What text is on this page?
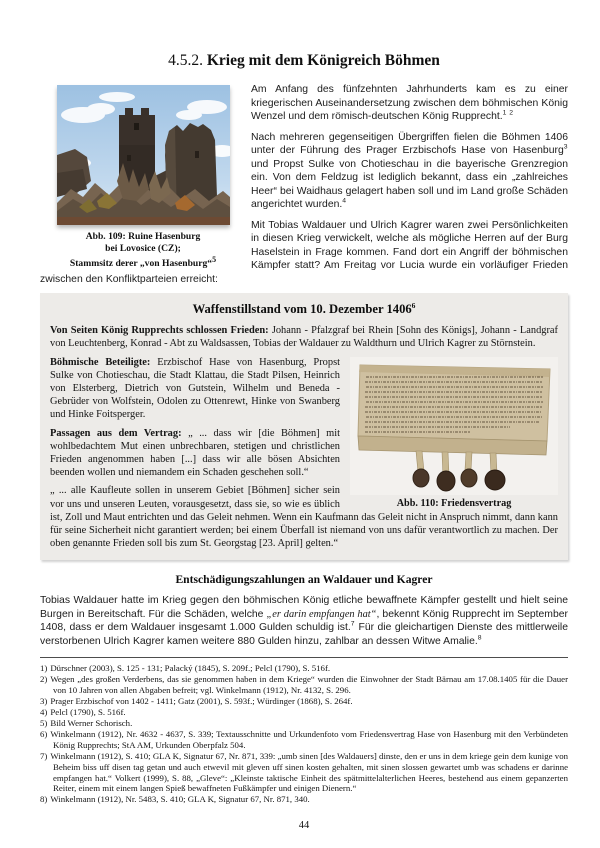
4.5.2. Krieg mit dem Königreich Böhmen
Abb. 109: Ruine Hasenburg
bei Lovosice (CZ);
Stammsitz derer „von Hasenburg“$^5$

Am Anfang des fünfzehnten Jahrhunderts kam es zu einer kriegerischen Auseinandersetzung zwischen dem böhmischen König Wenzel und dem römisch-deutschen König Rupprecht.$^{1 2}$

Nach mehreren gegenseitigen Übergriffen fielen die Böhmen 1406 unter der Führung des Prager Erzbischofs Hase von Hasenburg$^3$ und Propst Sulke von Chotieschau in die bayerische Grenzregion ein. Von dem Feldzug ist lediglich bekannt, dass ein „zahlreiches Heer“ bei Waidhaus gelagert haben soll und im Land große Schäden angerichtet wurden.$^4$

Mit Tobias Waldauer und Ulrich Kagrer waren zwei Persönlichkeiten in diesen Krieg verwickelt, welche als mögliche Herren auf der Burg Haselstein in Frage kommen. Fand dort ein Angriff der böhmischen Kämpfer statt? Am Freitag vor Lucia wurde ein vorläufiger Frieden zwischen den Konfliktparteien erreicht:

Waffenstillstand vom 10. Dezember 1406$^6$

Von Seiten König Rupprechts schlossen Frieden: Johann - Pfalzgraf bei Rhein [Sohn des Königs], Johann - Landgraf von Leuchtenberg, Konrad - Abt zu Waldsassen, Tobias der Waldauer zu Waldthurn und Ulrich Kagrer zu Störnstein.

Abb. 110: Friedensvertrag

Böhmische Beteiligte: Erzbischof Hase von Hasenburg, Propst Sulke von Chotieschau, die Stadt Klattau, die Stadt Pilsen, Heinrich von Elsterberg, Dietrich von Gutstein, Wilhelm und Beneda - Gebrüder von Wolfstein, Odolen zu Ottenrewt, Hinke von Swanberg und Hinke Foitsperger.

Passagen aus dem Vertrag: „ ... dass wir [die Böhmen] mit wohlbedachtem Mut einen unbrechbaren, stetigen und christlichen Frieden angenommen haben [...] dass wir alle bösen Absichten beenden wollen und niemandem ein Schaden geschehen soll.“

„ ... alle Kaufleute sollen in unserem Gebiet [Böhmen] sicher sein vor uns und unseren Leuten, vorausgesetzt, dass sie, so wie es üblich ist, Zoll und Maut entrichten und das Geleit nehmen. Wenn ein Kaufmann das Geleit nicht in Anspruch nimmt, dann kann für seine Sicherheit nicht garantiert werden; bei einem Überfall ist niemand von uns dafür verantwortlich zu machen. Der oben genannte Frieden soll bis zum St. Georgstag [23. April] gelten.“

Entschädigungszahlungen an Waldauer und Kagrer

Tobias Waldauer hatte im Krieg gegen den böhmischen König etliche bewaffnete Kämpfer gestellt und hielt seine Burgen in Bereitschaft. Für die Schäden, welche „er darin empfangen hat“, bekennt König Rupprecht im September 1408, dass er dem Waldauer insgesamt 1.000 Gulden schuldig ist.$^7$ Für die gleichartigen Dienste des mittlerweile verstorbenen Ulrich Kagrer kamen weitere 880 Gulden hinzu, zahlbar an dessen Witwe Amalie.$^8$

1) Dürschner (2003), S. 125 - 131; Palacký (1845), S. 209f.; Pelcl (1790), S. 516f.
2) Wegen „des großen Verderbens, das sie genommen haben in dem Kriege“ wurden die Einwohner der Stadt Bärnau am 17.08.1405 für die Dauer von 10 Jahren von allen Abgaben befreit; vgl. Winkelmann (1912), Nr. 4132, S. 296.
3) Prager Erzbischof von 1402 - 1411; Gatz (2001), S. 593f.; Würdinger (1868), S. 264f.
4) Pelcl (1790), S. 516f.
5) Bild Werner Schorisch.
6) Winkelmann (1912), Nr. 4632 - 4637, S. 339; Textausschnitte und Urkundenfoto vom Friedensvertrag Hase von Hasenburg mit den Verbündeten König Rupprechts; StA AM, Urkunden Oberpfalz 504.
7) Winkelmann (1912), S. 410; GLA K, Signatur 67, Nr. 871, 339: „umb sinen [des Waldauers] dinste, den er uns in dem kriege gein dem kunige von Beheim biss uff disen tag getan und auch etwevil mit gleven uff sinen kosten gehalten, mit sinen slossen gewartet umb was schadens er darinne empfangen hat.“ Volkert (1999), S. 88, „Gleve“: „Kleinste taktische Einheit des spätmittelalterlichen Heeres, bestehend aus einem gepanzerten Reiter, einem mit einem langen Spieß bewaffneten Fußkämpfer und einigen Dienern.“
8) Winkelmann (1912), Nr. 5483, S. 410; GLA K, Signatur 67, Nr. 871, 340.
44
